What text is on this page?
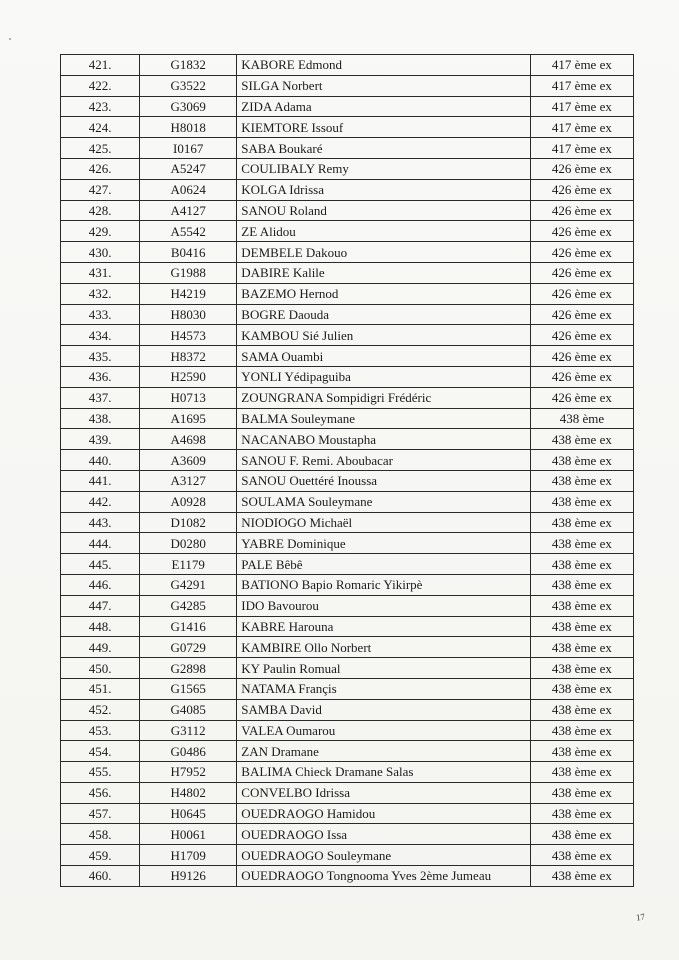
421.	G1832	KABORE Edmond	417 ème ex
422.	G3522	SILGA Norbert	417 ème ex
423.	G3069	ZIDA Adama	417 ème ex
424.	H8018	KIEMTORE Issouf	417 ème ex
425.	I0167	SABA Boukaré	417 ème ex
426.	A5247	COULIBALY Remy	426 ème ex
427.	A0624	KOLGA Idrissa	426 ème ex
428.	A4127	SANOU Roland	426 ème ex
429.	A5542	ZE Alidou	426 ème ex
430.	B0416	DEMBELE Dakouo	426 ème ex
431.	G1988	DABIRE Kalile	426 ème ex
432.	H4219	BAZEMO Hernod	426 ème ex
433.	H8030	BOGRE Daouda	426 ème ex
434.	H4573	KAMBOU Sié Julien	426 ème ex
435.	H8372	SAMA Ouambi	426 ème ex
436.	H2590	YONLI Yédipaguiba	426 ème ex
437.	H0713	ZOUNGRANA Sompidigri Frédéric	426 ème ex
438.	A1695	BALMA Souleymane	438 ème
439.	A4698	NACANABO Moustapha	438 ème ex
440.	A3609	SANOU F. Remi. Aboubacar	438 ème ex
441.	A3127	SANOU Ouettéré Inoussa	438 ème ex
442.	A0928	SOULAMA Souleymane	438 ème ex
443.	D1082	NIODIOGO Michaël	438 ème ex
444.	D0280	YABRE Dominique	438 ème ex
445.	E1179	PALE Bêbê	438 ème ex
446.	G4291	BATIONO Bapio Romaric Yikirpè	438 ème ex
447.	G4285	IDO Bavourou	438 ème ex
448.	G1416	KABRE Harouna	438 ème ex
449.	G0729	KAMBIRE Ollo Norbert	438 ème ex
450.	G2898	KY Paulin Romual	438 ème ex
451.	G1565	NATAMA Françis	438 ème ex
452.	G4085	SAMBA David	438 ème ex
453.	G3112	VALEA Oumarou	438 ème ex
454.	G0486	ZAN Dramane	438 ème ex
455.	H7952	BALIMA Chieck Dramane Salas	438 ème ex
456.	H4802	CONVELBO Idrissa	438 ème ex
457.	H0645	OUEDRAOGO Hamidou	438 ème ex
458.	H0061	OUEDRAOGO Issa	438 ème ex
459.	H1709	OUEDRAOGO Souleymane	438 ème ex
460.	H9126	OUEDRAOGO Tongnooma Yves 2ème Jumeau	438 ème ex
17
